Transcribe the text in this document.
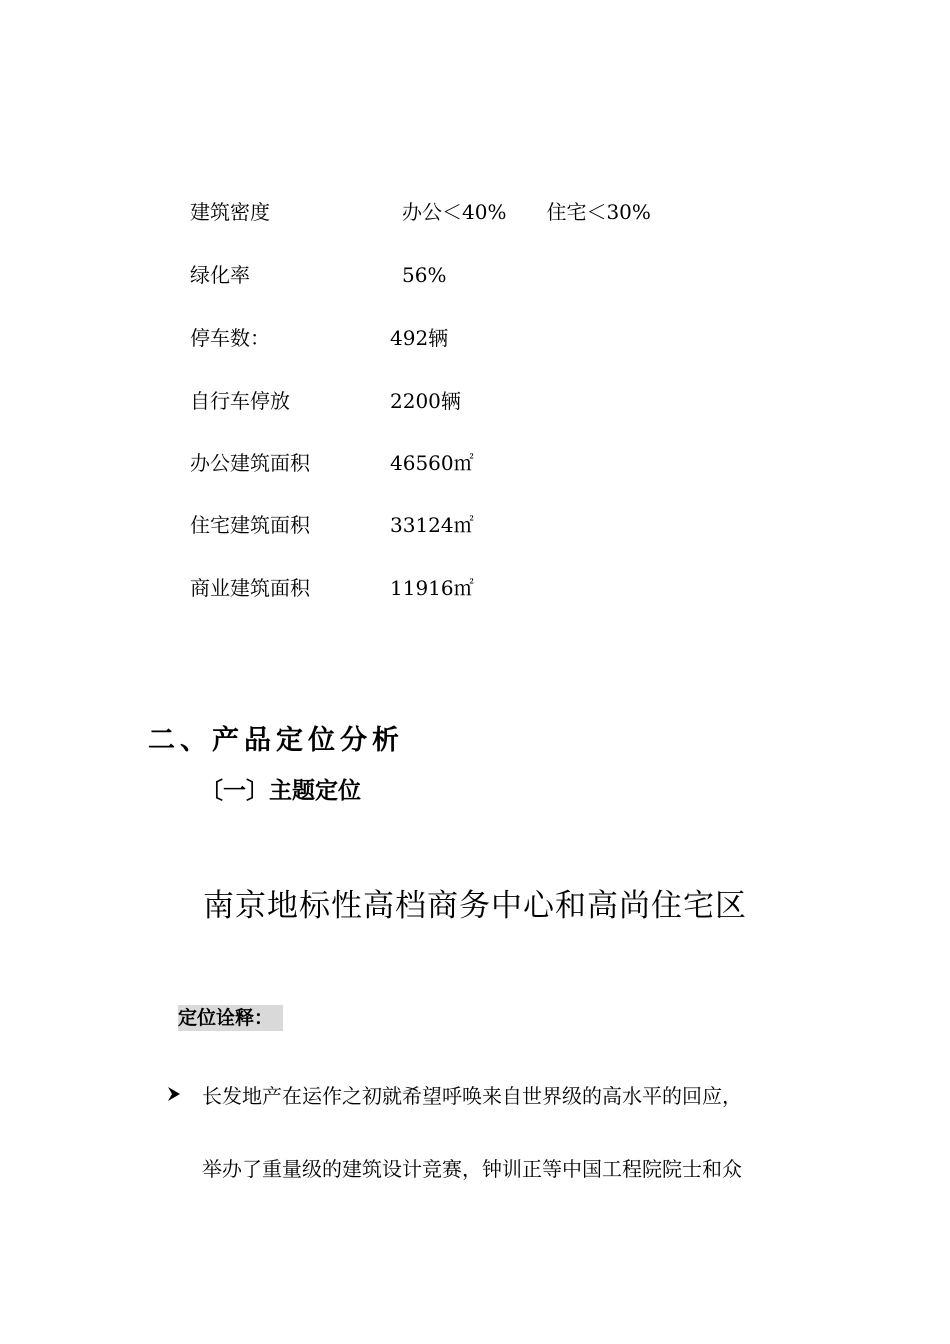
建筑密度	办公＜40%　　住宅＜30%
绿化率	56%
停车数：	492辆
自行车停放	2200辆
办公建筑面积	46560㎡
住宅建筑面积	33124㎡
商业建筑面积	11916㎡
二、产品定位分析
〔一〕主题定位
南京地标性高档商务中心和高尚住宅区
定位诠释：
长发地产在运作之初就希望呼唤来自世界级的高水平的回应，
举办了重量级的建筑设计竞赛，钟训正等中国工程院院士和众
